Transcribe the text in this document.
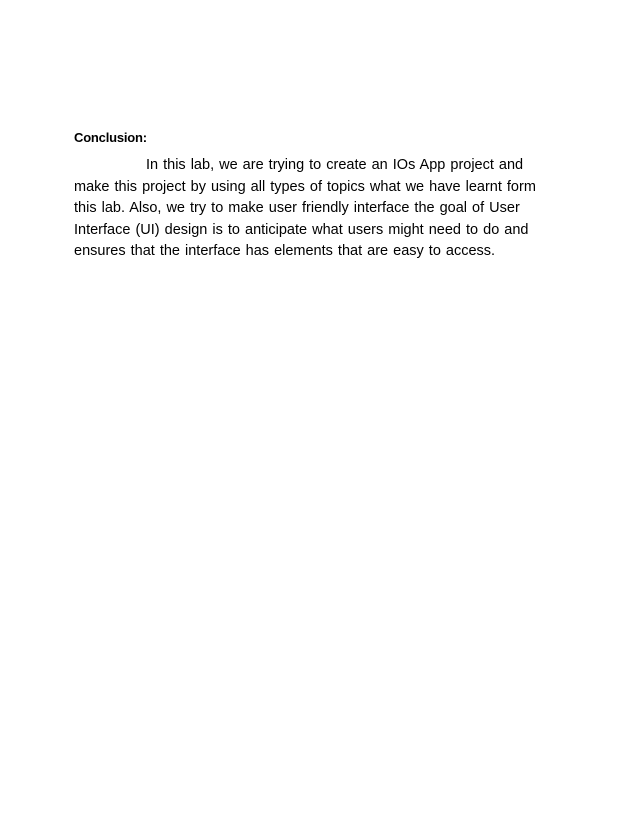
Conclusion:

In this lab, we are trying to create an IOs App project and
make this project by using all types of topics what we have learnt form
this lab. Also, we try to make user friendly interface the goal of User
Interface (UI) design is to anticipate what users might need to do and
ensures that the interface has elements that are easy to access.
